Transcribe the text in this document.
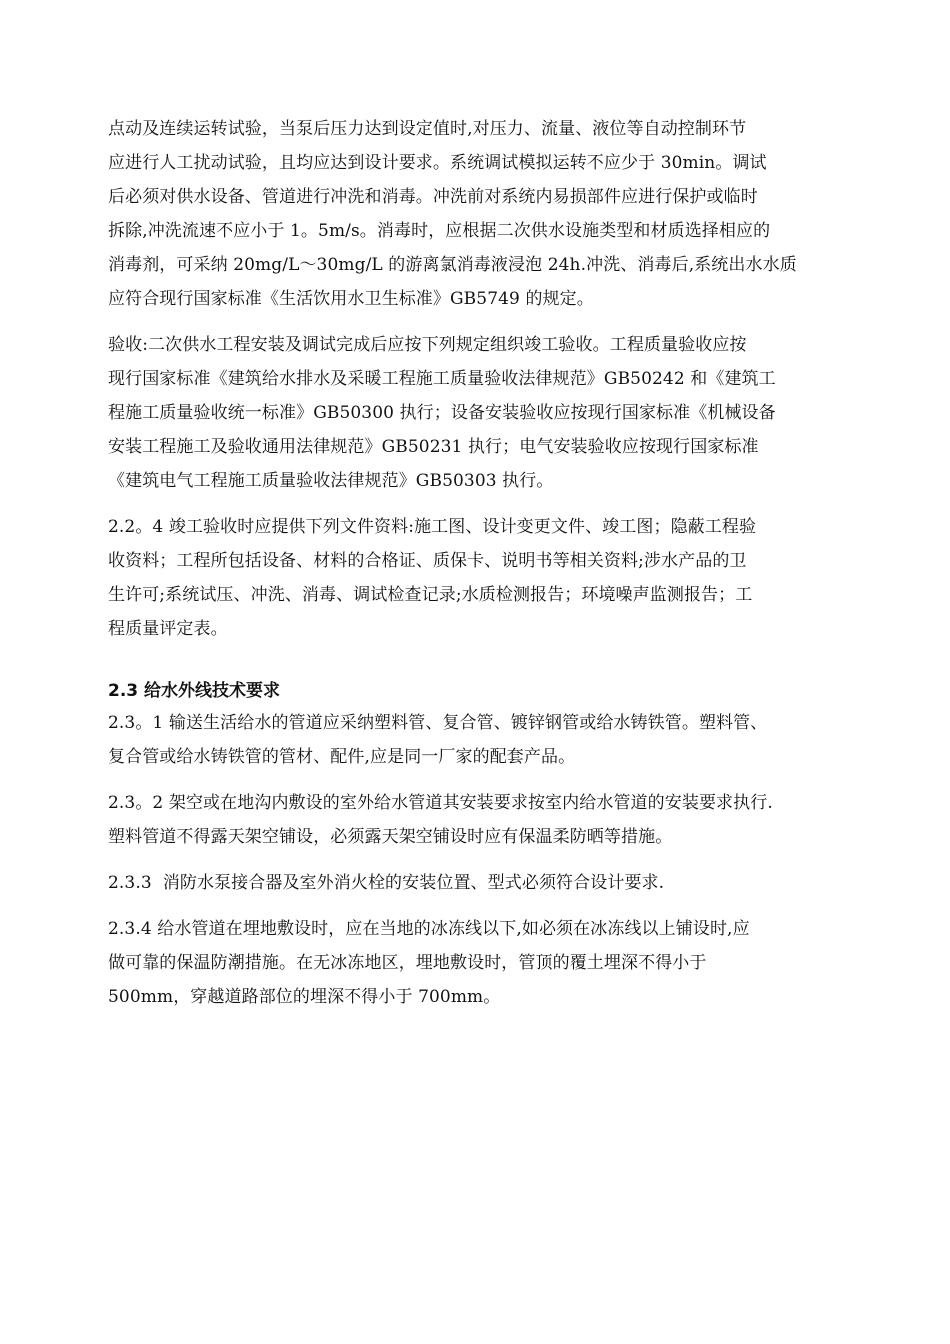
点动及连续运转试验，当泵后压力达到设定值时,对压力、流量、液位等自动控制环节
应进行人工扰动试验，且均应达到设计要求。系统调试模拟运转不应少于 30min。调试
后必须对供水设备、管道进行冲洗和消毒。冲洗前对系统内易损部件应进行保护或临时
拆除,冲洗流速不应小于 1。5m/s。消毒时，应根据二次供水设施类型和材质选择相应的
消毒剂，可采纳 20mg/L～30mg/L 的游离氯消毒液浸泡 24h.冲洗、消毒后,系统出水水质
应符合现行国家标准《生活饮用水卫生标准》GB5749 的规定。

验收:二次供水工程安装及调试完成后应按下列规定组织竣工验收。工程质量验收应按
现行国家标准《建筑给水排水及采暖工程施工质量验收法律规范》GB50242 和《建筑工
程施工质量验收统一标准》GB50300 执行；设备安装验收应按现行国家标准《机械设备
安装工程施工及验收通用法律规范》GB50231 执行；电气安装验收应按现行国家标准
《建筑电气工程施工质量验收法律规范》GB50303 执行。

2.2。4 竣工验收时应提供下列文件资料:施工图、设计变更文件、竣工图；隐蔽工程验
收资料；工程所包括设备、材料的合格证、质保卡、说明书等相关资料;涉水产品的卫
生许可;系统试压、冲洗、消毒、调试检查记录;水质检测报告；环境噪声监测报告；工
程质量评定表。

2.3 给水外线技术要求

2.3。1 输送生活给水的管道应采纳塑料管、复合管、镀锌钢管或给水铸铁管。塑料管、
复合管或给水铸铁管的管材、配件,应是同一厂家的配套产品。

2.3。2 架空或在地沟内敷设的室外给水管道其安装要求按室内给水管道的安装要求执行.
塑料管道不得露天架空铺设，必须露天架空铺设时应有保温柔防晒等措施。

2.3.3  消防水泵接合器及室外消火栓的安装位置、型式必须符合设计要求.

2.3.4 给水管道在埋地敷设时，应在当地的冰冻线以下,如必须在冰冻线以上铺设时,应
做可靠的保温防潮措施。在无冰冻地区，埋地敷设时，管顶的覆土埋深不得小于
500mm，穿越道路部位的埋深不得小于 700mm。
